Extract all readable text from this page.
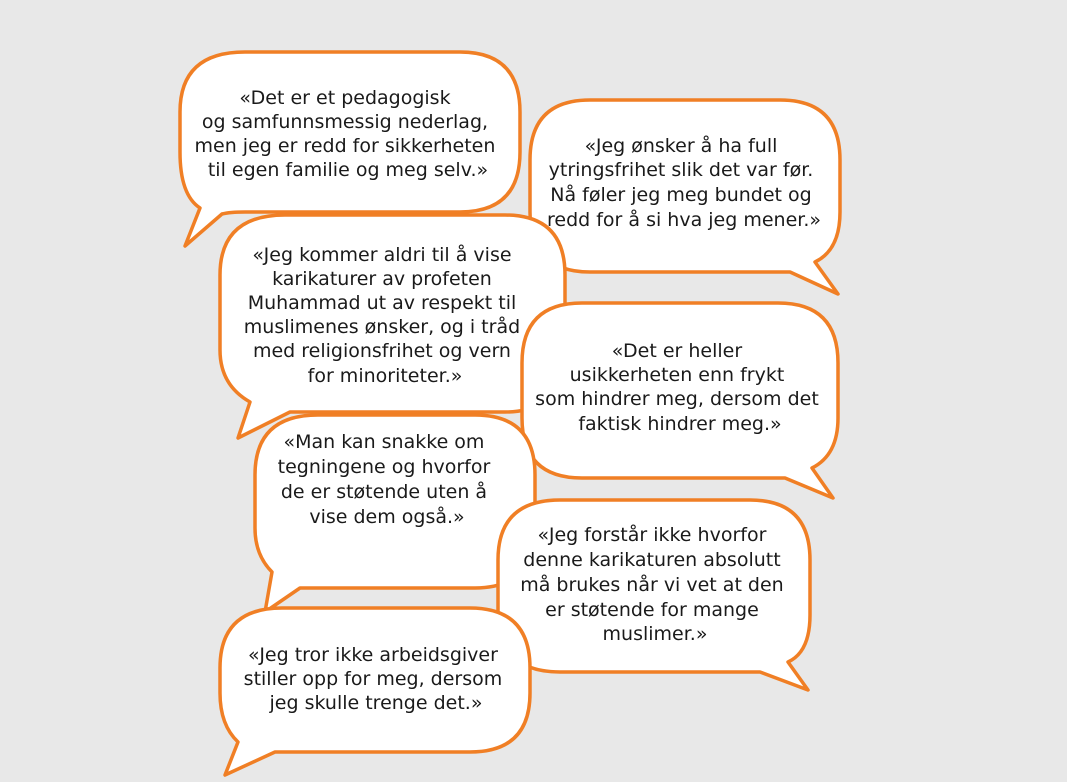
«Det er et pedagogisk og samfunnsmessig nederlag, men jeg er redd for sikkerheten til egen familie og meg selv.»
«Jeg ønsker å ha full ytringsfrihet slik det var før. Nå føler jeg meg bundet og redd for å si hva jeg mener.»
«Jeg kommer aldri til å vise karikaturer av profeten Muhammad ut av respekt til muslimenes ønsker, og i tråd med religionsfrihet og vern for minoriteter.»
«Det er heller usikkerheten enn frykt som hindrer meg, dersom det faktisk hindrer meg.»
«Man kan snakke om tegningene og hvorfor de er støtende uten å vise dem også.»
«Jeg forstår ikke hvorfor denne karikaturen absolutt må brukes når vi vet at den er støtende for mange muslimer.»
«Jeg tror ikke arbeidsgiver stiller opp for meg, dersom jeg skulle trenge det.»
